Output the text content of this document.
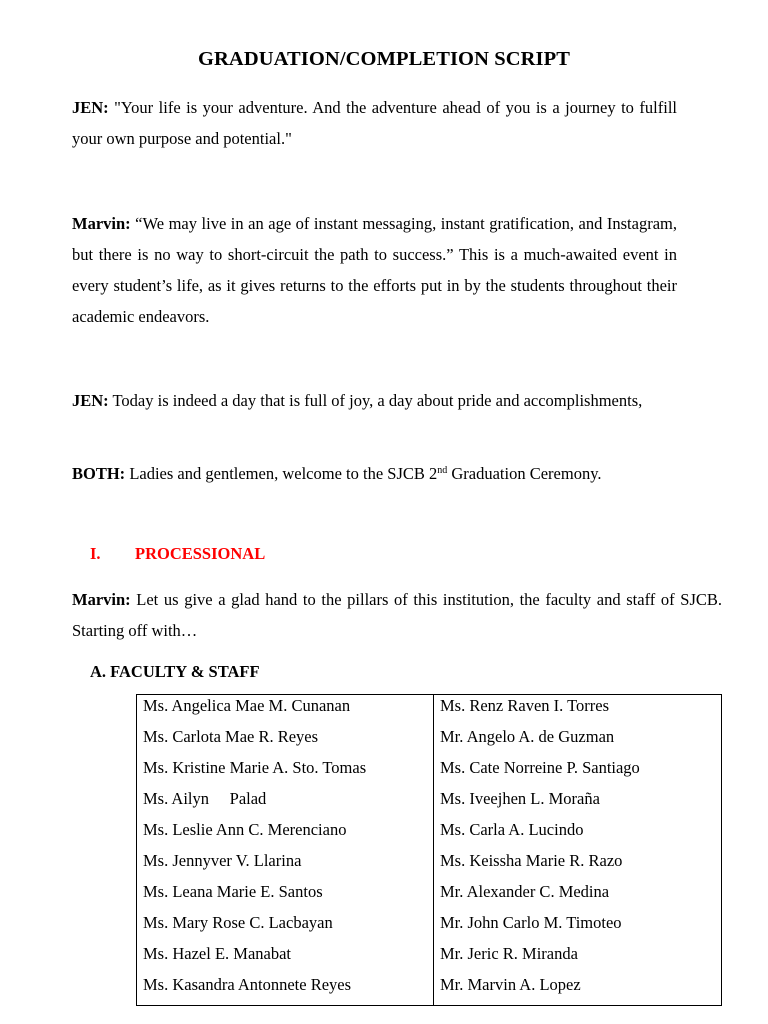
GRADUATION/COMPLETION SCRIPT

JEN: "Your life is your adventure. And the adventure ahead of you is a journey to fulfill your own purpose and potential."

Marvin: “We may live in an age of instant messaging, instant gratification, and Instagram, but there is no way to short-circuit the path to success.” This is a much-awaited event in every student’s life, as it gives returns to the efforts put in by the students throughout their academic endeavors.

JEN: Today is indeed a day that is full of joy, a day about pride and accomplishments,

BOTH: Ladies and gentlemen, welcome to the SJCB 2nd Graduation Ceremony.

I. PROCESSIONAL

Marvin: Let us give a glad hand to the pillars of this institution, the faculty and staff of SJCB. Starting off with…

A. FACULTY & STAFF
Ms. Angelica Mae M. Cunanan	Ms. Renz Raven I. Torres
Ms. Carlota Mae R. Reyes	Mr. Angelo A. de Guzman
Ms. Kristine Marie A. Sto. Tomas	Ms. Cate Norreine P. Santiago
Ms. Ailyn     Palad	Ms. Iveejhen L. Moraña
Ms. Leslie Ann C. Merenciano	Ms. Carla A. Lucindo
Ms. Jennyver V. Llarina	Ms. Keissha Marie R. Razo
Ms. Leana Marie E. Santos	Mr. Alexander C. Medina
Ms. Mary Rose C. Lacbayan	Mr. John Carlo M. Timoteo
Ms. Hazel E. Manabat	Mr. Jeric R. Miranda
Ms. Kasandra Antonnete Reyes	Mr. Marvin A. Lopez
